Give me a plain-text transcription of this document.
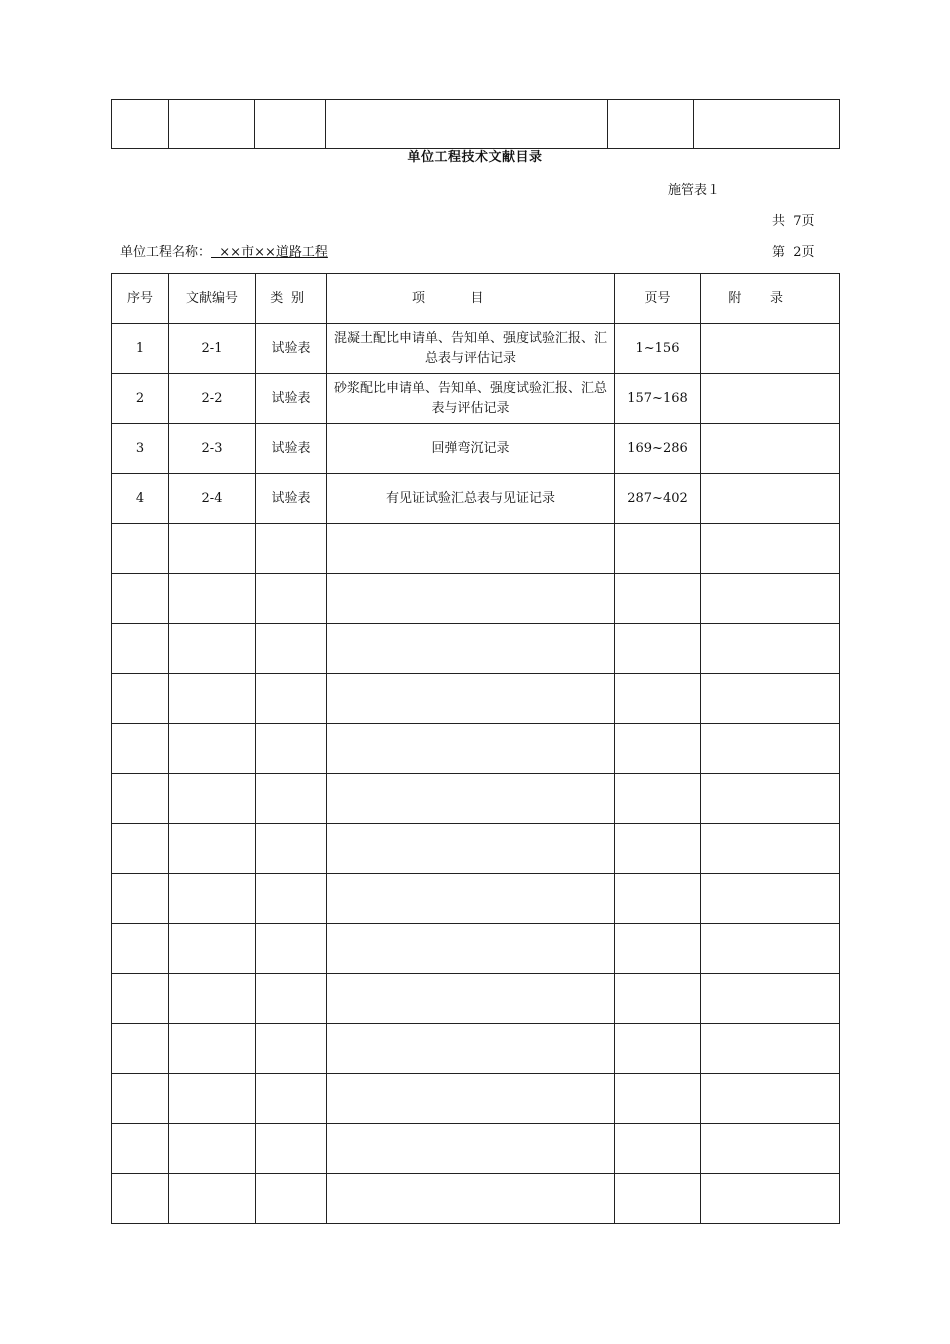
单位工程技术文献目录
施管表１
共  7页
单位工程名称：  ××市××道路工程	第  2页
序号	文献编号	类别	项目	页号	附录
1	2-1	试验表	混凝土配比申请单、告知单、强度试验汇报、汇总表与评估记录	1~156	
2	2-2	试验表	砂浆配比申请单、告知单、强度试验汇报、汇总表与评估记录	157~168	
3	2-3	试验表	回弹弯沉记录	169~286	
4	2-4	试验表	有见证试验汇总表与见证记录	287~402	
